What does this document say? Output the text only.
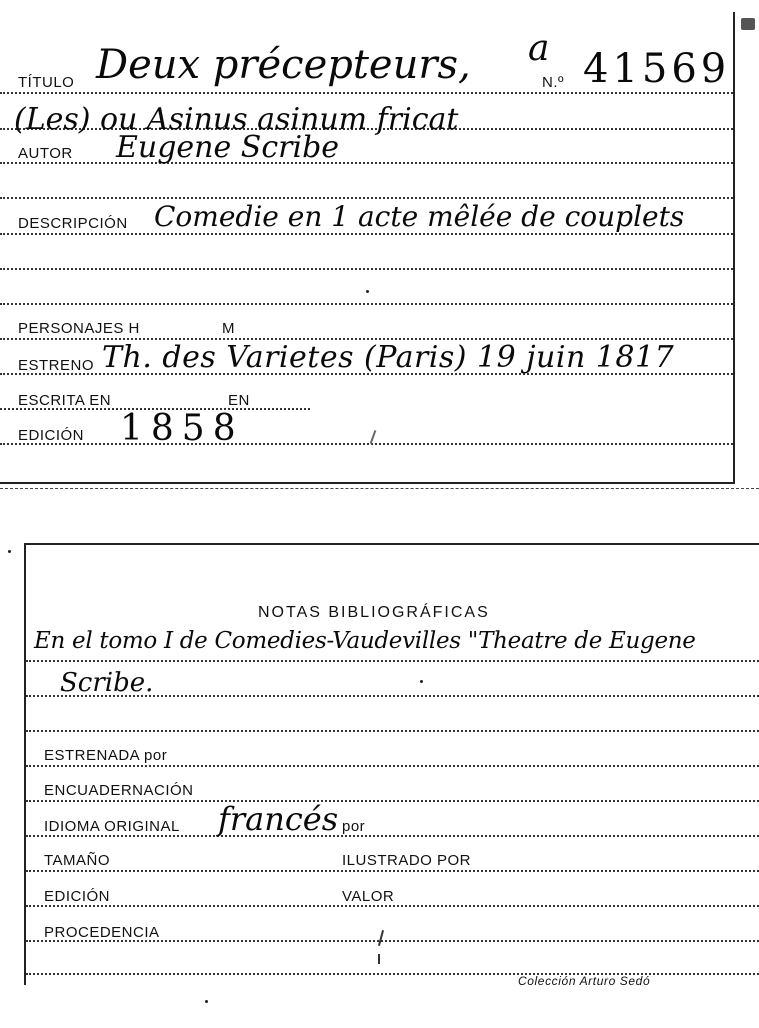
TÍTULO Deux précepteurs, a
N.º 41569
(Les) ou Asinus asinum fricat
AUTOR Eugene Scribe
DESCRIPCIÓN Comedie en 1 acte mêlée de couplets
PERSONAJES H	M
ESTRENO Th. des Varietes (Paris) 19 juin 1817
ESCRITA EN	EN
EDICIÓN 1858
NOTAS BIBLIOGRÁFICAS
En el tomo I de Comedies-Vaudevilles "Theatre de Eugene
Scribe.
ESTRENADA por
ENCUADERNACIÓN
IDIOMA ORIGINAL francés por
TAMAÑO	ILUSTRADO POR
EDICIÓN	VALOR
PROCEDENCIA
Colección Arturo Sedó
